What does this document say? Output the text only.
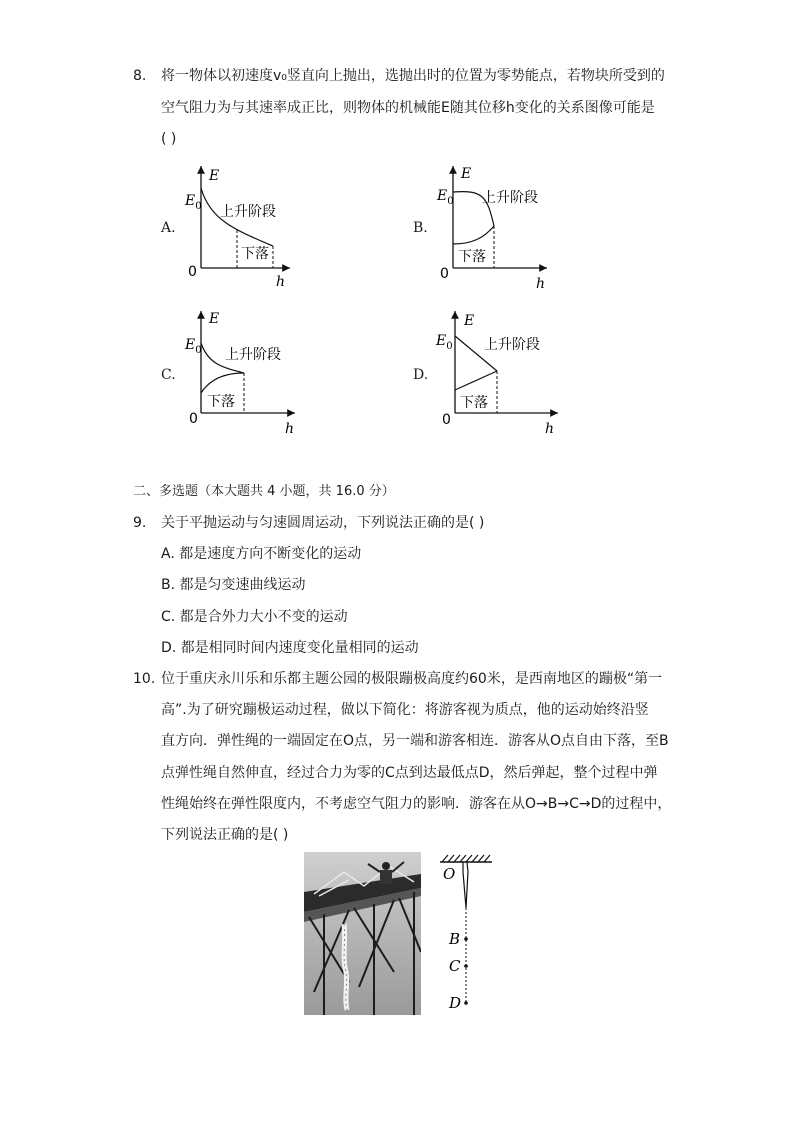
8. 将一物体以初速度v₀竖直向上抛出，选抛出时的位置为零势能点，若物块所受到的
空气阻力为与其速率成正比，则物体的机械能E随其位移h变化的关系图像可能是
( )
A.
E
h
0
$E_0$ 上升阶段
下落
B.
E
h
0
$E_0$ 上升阶段
下落
C.
E
h
0
$E_0$ 上升阶段
下落
D.
E
h
0
$E_0$ 上升阶段
下落
二、多选题（本大题共 4 小题，共 16.0 分）
9. 关于平抛运动与匀速圆周运动，下列说法正确的是( )
A. 都是速度方向不断变化的运动
B. 都是匀变速曲线运动
C. 都是合外力大小不变的运动
D. 都是相同时间内速度变化量相同的运动
10. 位于重庆永川乐和乐都主题公园的极限蹦极高度约60米，是西南地区的蹦极“第一
高”.为了研究蹦极运动过程，做以下简化：将游客视为质点，他的运动始终沿竖
直方向．弹性绳的一端固定在O点，另一端和游客相连．游客从O点自由下落，至B
点弹性绳自然伸直，经过合力为零的C点到达最低点D，然后弹起，整个过程中弹
性绳始终在弹性限度内，不考虑空气阻力的影响．游客在从O→B→C→D的过程中，
下列说法正确的是( )
O
B
C
D
